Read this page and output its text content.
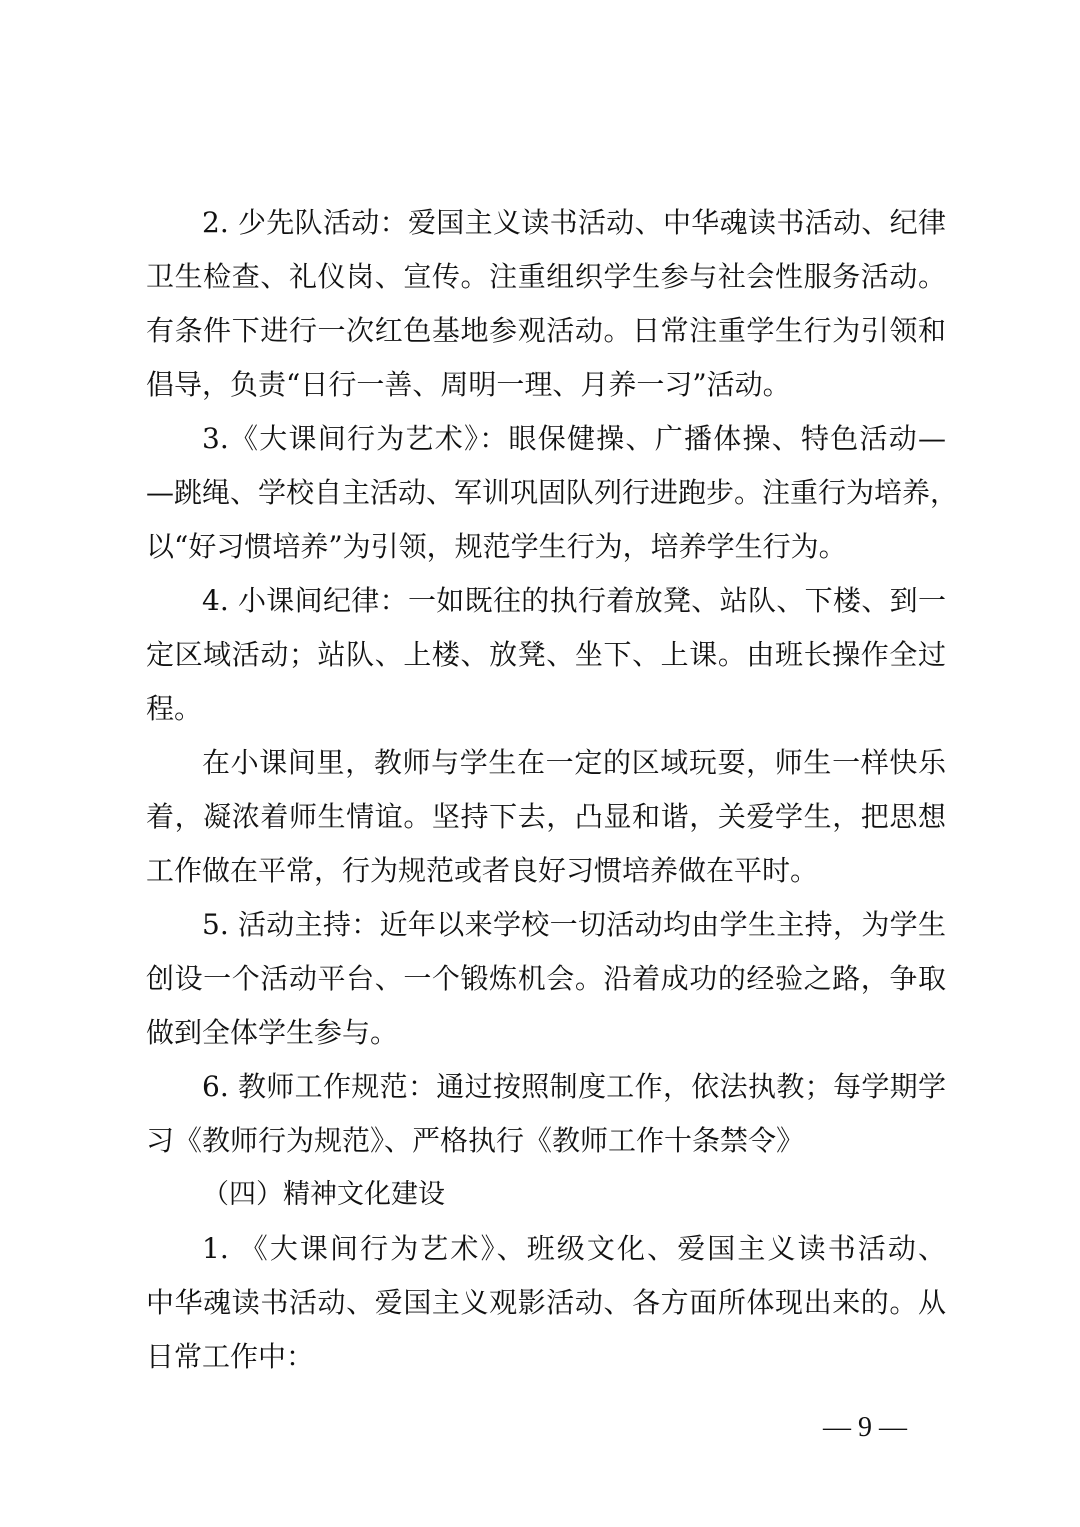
2. 少先队活动：爱国主义读书活动、中华魂读书活动、纪律
卫生检查、礼仪岗、宣传。注重组织学生参与社会性服务活动。
有条件下进行一次红色基地参观活动。日常注重学生行为引领和
倡导，负责“日行一善、周明一理、月养一习”活动。
3.《大课间行为艺术》：眼保健操、广播体操、特色活动—
—跳绳、学校自主活动、军训巩固队列行进跑步。注重行为培养，
以“好习惯培养”为引领，规范学生行为，培养学生行为。
4. 小课间纪律：一如既往的执行着放凳、站队、下楼、到一
定区域活动；站队、上楼、放凳、坐下、上课。由班长操作全过
程。
在小课间里，教师与学生在一定的区域玩耍，师生一样快乐
着，凝浓着师生情谊。坚持下去，凸显和谐，关爱学生，把思想
工作做在平常，行为规范或者良好习惯培养做在平时。
5. 活动主持：近年以来学校一切活动均由学生主持，为学生
创设一个活动平台、一个锻炼机会。沿着成功的经验之路，争取
做到全体学生参与。
6. 教师工作规范：通过按照制度工作，依法执教；每学期学
习《教师行为规范》、严格执行《教师工作十条禁令》
（四）精神文化建设
1. 《大课间行为艺术》、班级文化、爱国主义读书活动、
中华魂读书活动、爱国主义观影活动、各方面所体现出来的。从
日常工作中：
— 9 —
